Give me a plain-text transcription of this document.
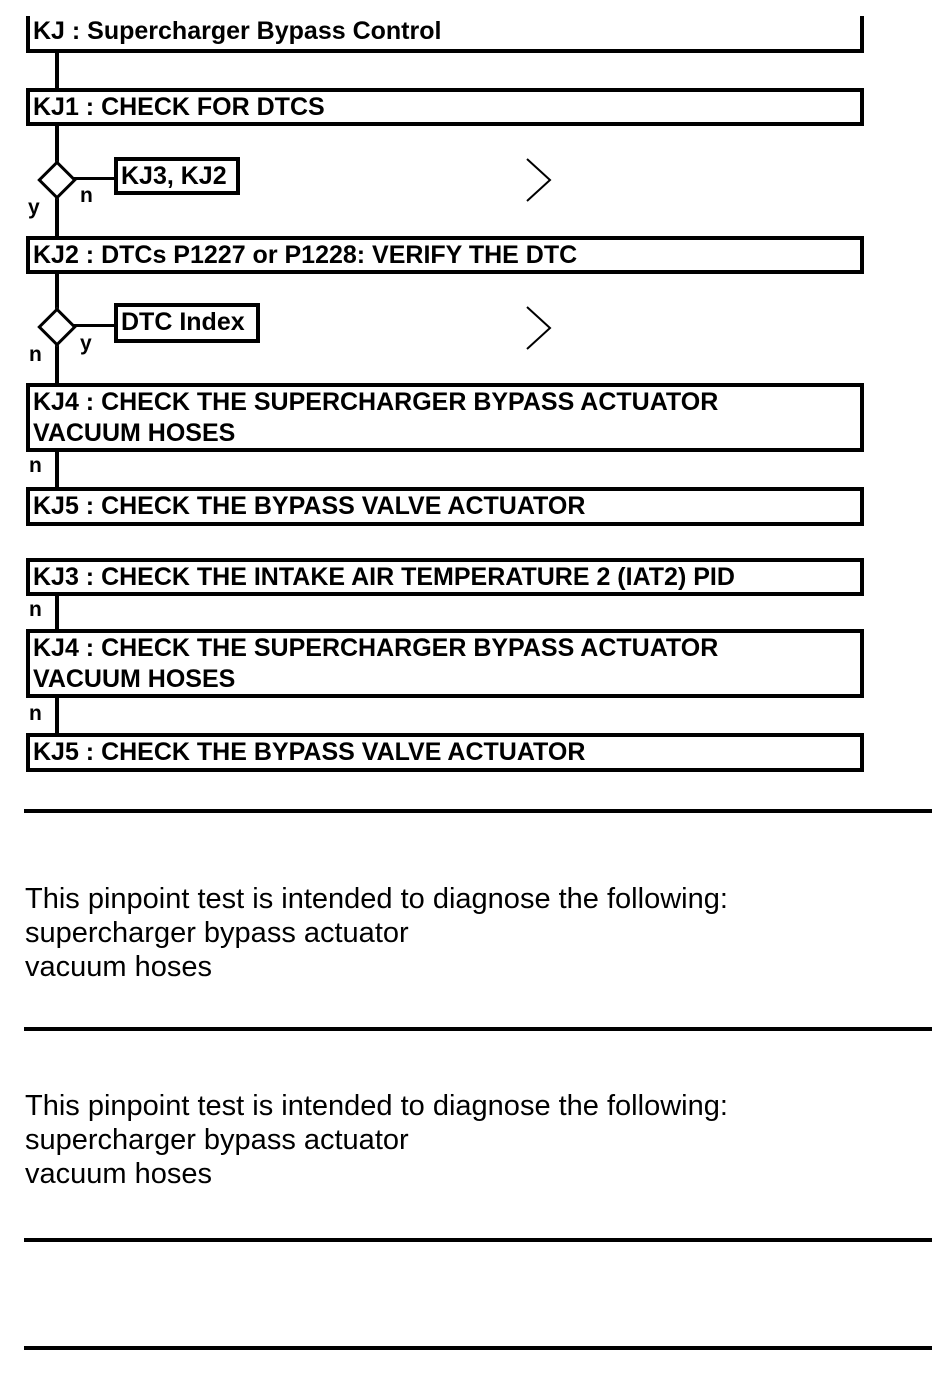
KJ : Supercharger Bypass Control
KJ1 : CHECK FOR DTCS
KJ3, KJ2
y
n
KJ2 : DTCs P1227 or P1228: VERIFY THE DTC
DTC Index
n y
KJ4 : CHECK THE SUPERCHARGER BYPASS ACTUATOR
VACUUM HOSES
n
KJ5 : CHECK THE BYPASS VALVE ACTUATOR
KJ3 : CHECK THE INTAKE AIR TEMPERATURE 2 (IAT2) PID
n
KJ4 : CHECK THE SUPERCHARGER BYPASS ACTUATOR
VACUUM HOSES
n
KJ5 : CHECK THE BYPASS VALVE ACTUATOR
This pinpoint test is intended to diagnose the following:
supercharger bypass actuator
vacuum hoses
This pinpoint test is intended to diagnose the following:
supercharger bypass actuator
vacuum hoses
